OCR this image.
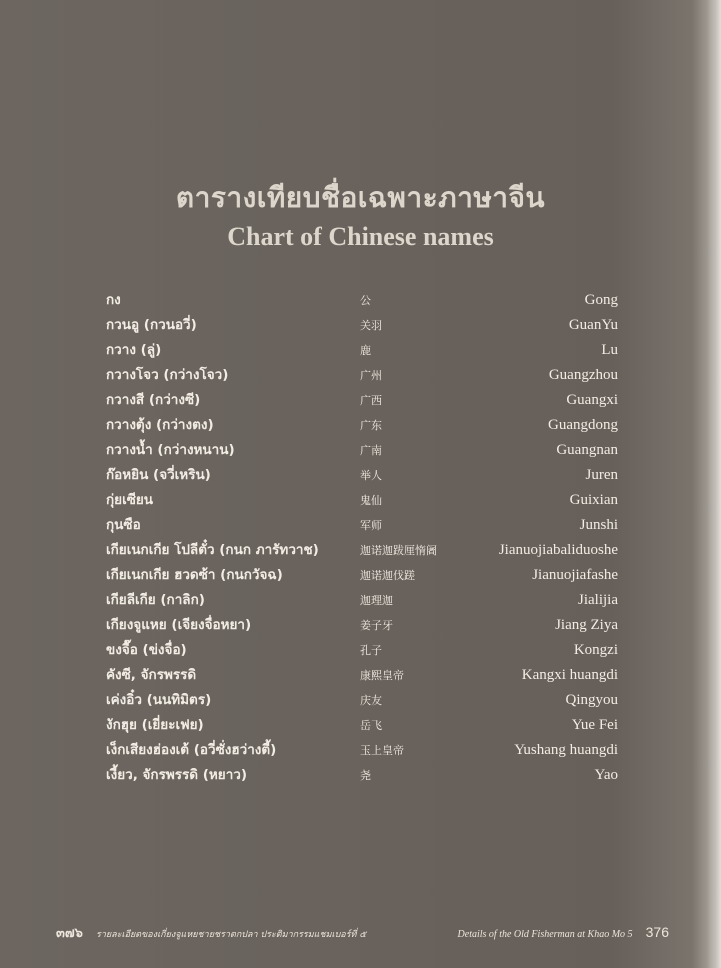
ตารางเทียบชื่อเฉพาะภาษาจีน
Chart of Chinese names
กง	公	Gong
กวนอู (กวนอวี่)	关羽	GuanYu
กวาง (ลู่)	鹿	Lu
กวางโจว (กว่างโจว)	广州	Guangzhou
กวางสี (กว่างซี)	广西	Guangxi
กวางตุ้ง (กว่างตง)	广东	Guangdong
กวางน้ำ (กว่างหนาน)	广南	Guangnan
ก๊อหยิน (จวี่เหริน)	举人	Juren
กุ่ยเซียน	鬼仙	Guixian
กุนซือ	军师	Junshi
เกียเนกเกีย โปลีตั๋ว (กนก ภารัทวาช)	迦诺迦跋厘惰阇	Jianuojiabaliduoshe
เกียเนกเกีย ฮวดซ้า (กนกวัจฉ)	迦诺迦伐蹉	Jianuojiafashe
เกียลีเกีย (กาลิก)	迦理迦	Jialijia
เกียงจูแหย (เจียงจื่อหยา)	姜子牙	Jiang Ziya
ขงจื๊อ (ข่งจื่อ)	孔子	Kongzi
คังซี, จักรพรรดิ	康熙皇帝	Kangxi huangdi
เค่งอิ๋ว (นนทิมิตร)	庆友	Qingyou
งักฮุย (เยี่ยะเฟย)	岳飞	Yue Fei
เง็กเสียงฮ่องเต้ (อวี่ซั่งฮว่างตี้)	玉上皇帝	Yushang huangdi
เงี้ยว, จักรพรรดิ (หยาว)	尧	Yao
๓๗๖ รายละเอียดของเกี่ยงจูแหยชายชราตกปลา ประติมากรรมแชมเบอร์ที่ ๕	Details of the Old Fisherman at Khao Mo 5 376
